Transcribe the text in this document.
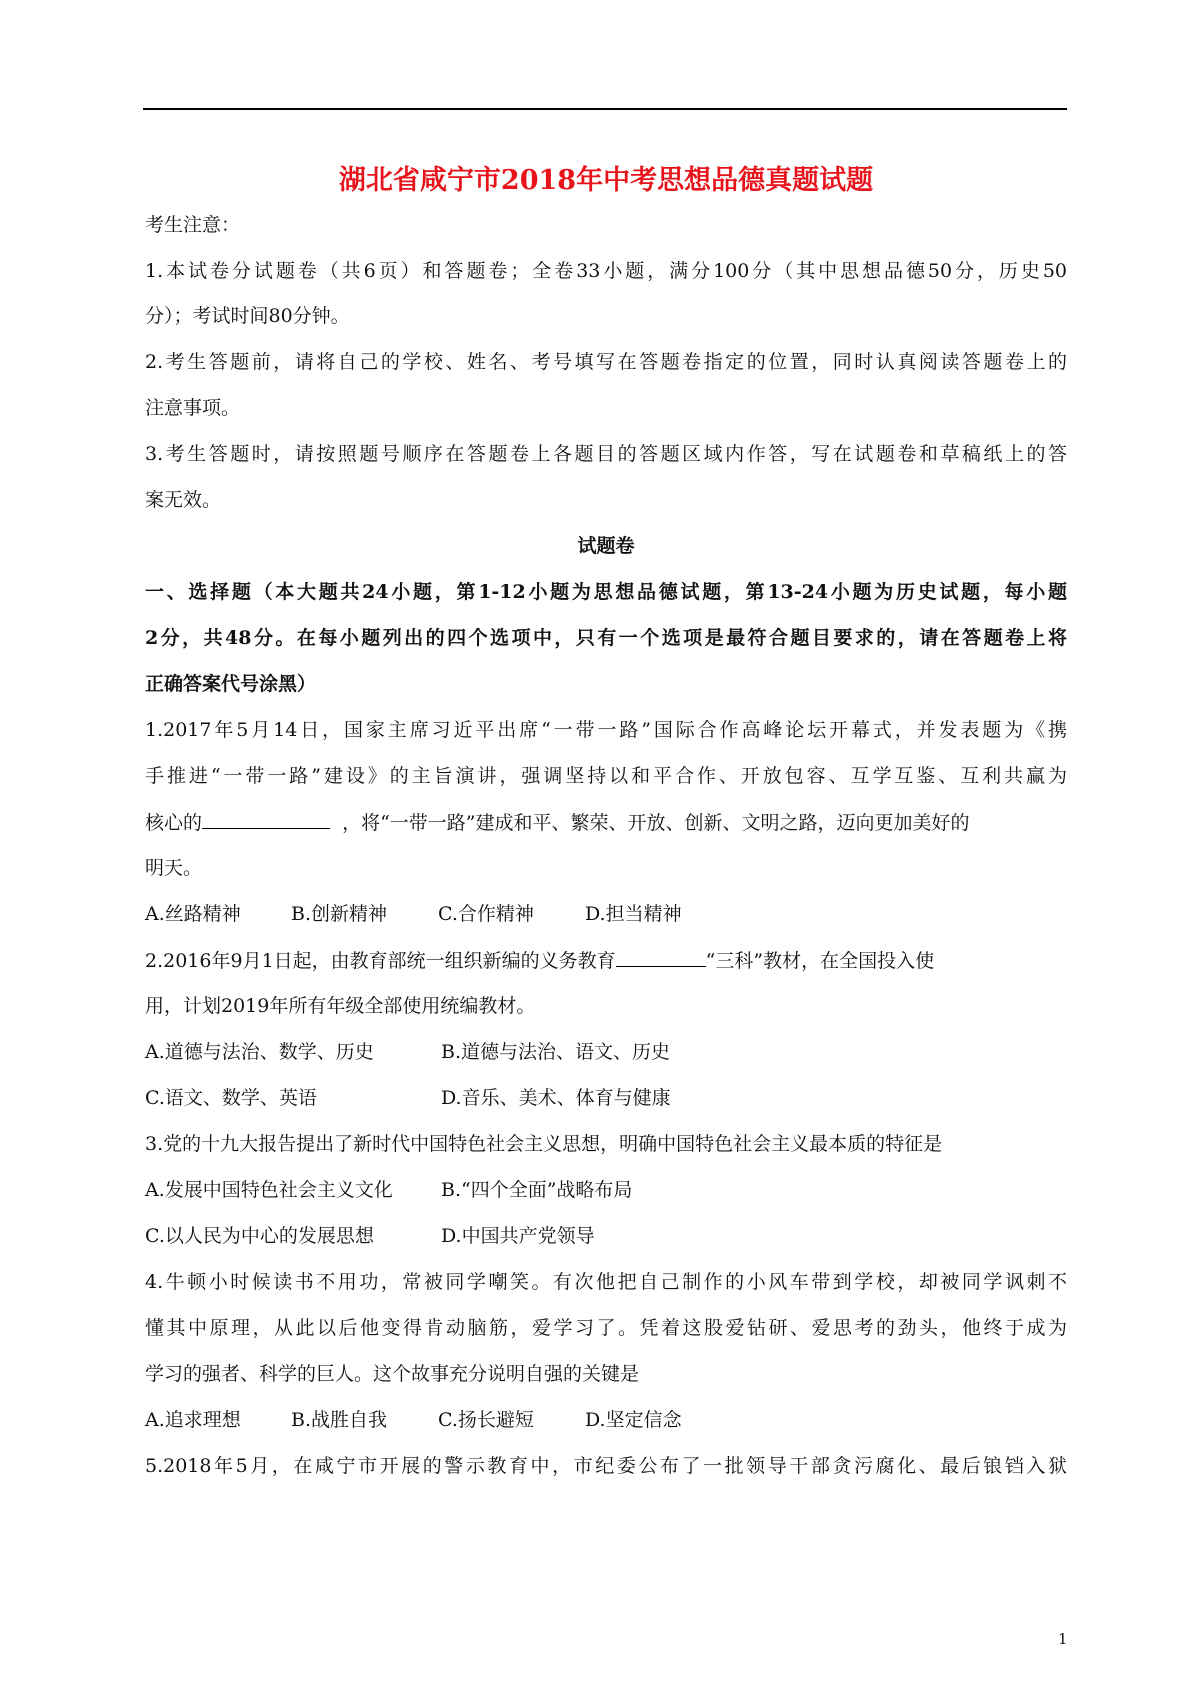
湖北省咸宁市2018年中考思想品德真题试题
考生注意：
1.本试卷分试题卷（共6页）和答题卷；全卷33小题，满分100分（其中思想品德50分，历史50
分）；考试时间80分钟。
2.考生答题前，请将自己的学校、姓名、考号填写在答题卷指定的位置，同时认真阅读答题卷上的
注意事项。
3.考生答题时，请按照题号顺序在答题卷上各题目的答题区域内作答，写在试题卷和草稿纸上的答
案无效。
试题卷
一、选择题（本大题共24小题，第1-12小题为思想品德试题，第13-24小题为历史试题，每小题
2分，共48分。在每小题列出的四个选项中，只有一个选项是最符合题目要求的，请在答题卷上将
正确答案代号涂黑）
1.2017年5月14日，国家主席习近平出席“一带一路”国际合作高峰论坛开幕式，并发表题为《携
手推进“一带一路”建设》的主旨演讲，强调坚持以和平合作、开放包容、互学互鉴、互利共赢为
核心的	，将“一带一路”建成和平、繁荣、开放、创新、文明之路，迈向更加美好的
明天。
A.丝路精神	B.创新精神	C.合作精神	D.担当精神
2.2016年9月1日起，由教育部统一组织新编的义务教育	“三科”教材，在全国投入使
用，计划2019年所有年级全部使用统编教材。
A.道德与法治、数学、历史	B.道德与法治、语文、历史
C.语文、数学、英语	D.音乐、美术、体育与健康
3.党的十九大报告提出了新时代中国特色社会主义思想，明确中国特色社会主义最本质的特征是
A.发展中国特色社会主义文化	B.“四个全面”战略布局
C.以人民为中心的发展思想	D.中国共产党领导
4.牛顿小时候读书不用功，常被同学嘲笑。有次他把自己制作的小风车带到学校，却被同学讽刺不
懂其中原理，从此以后他变得肯动脑筋，爱学习了。凭着这股爱钻研、爱思考的劲头，他终于成为
学习的强者、科学的巨人。这个故事充分说明自强的关键是
A.追求理想	B.战胜自我	C.扬长避短	D.坚定信念
5.2018年5月，在咸宁市开展的警示教育中，市纪委公布了一批领导干部贪污腐化、最后锒铛入狱
1
